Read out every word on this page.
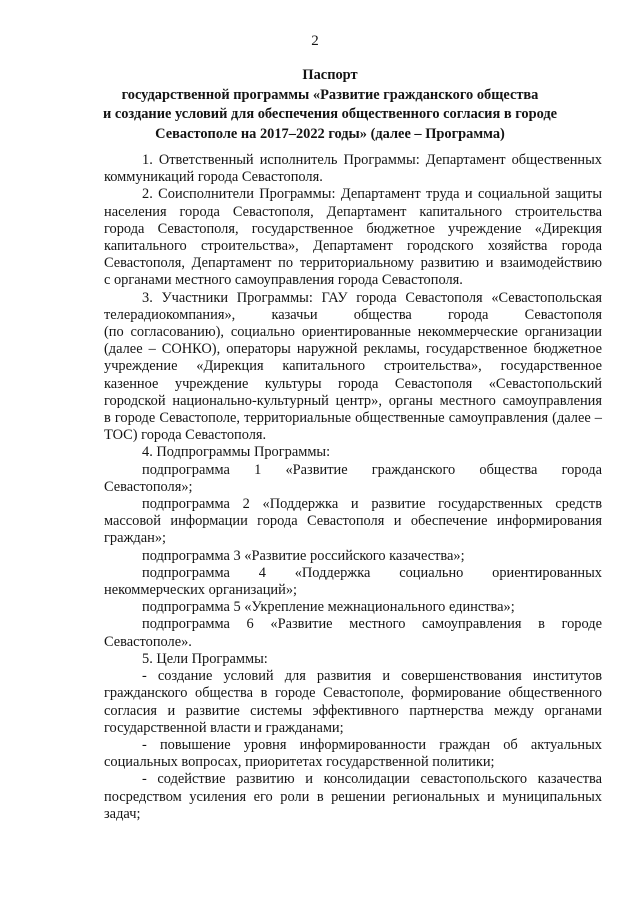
2
Паспорт
государственной программы «Развитие гражданского общества
и создание условий для обеспечения общественного согласия в городе
Севастополе на 2017–2022 годы» (далее – Программа)
1. Ответственный исполнитель Программы: Департамент общественных
коммуникаций города Севастополя.
2. Соисполнители Программы: Департамент труда и социальной защиты
населения города Севастополя, Департамент капитального строительства
города Севастополя, государственное бюджетное учреждение «Дирекция
капитального строительства», Департамент городского хозяйства города
Севастополя, Департамент по территориальному развитию и взаимодействию
с органами местного самоуправления города Севастополя.
3. Участники Программы: ГАУ города Севастополя «Севастопольская
телерадиокомпания», казачьи общества города Севастополя
(по согласованию), социально ориентированные некоммерческие организации
(далее – СОНКО), операторы наружной рекламы, государственное бюджетное
учреждение «Дирекция капитального строительства», государственное
казенное учреждение культуры города Севастополя «Севастопольский
городской национально-культурный центр», органы местного самоуправления
в городе Севастополе, территориальные общественные самоуправления (далее –
ТОС) города Севастополя.
4. Подпрограммы Программы:
подпрограмма 1 «Развитие гражданского общества города
Севастополя»;
подпрограмма 2 «Поддержка и развитие государственных средств
массовой информации города Севастополя и обеспечение информирования
граждан»;
подпрограмма 3 «Развитие российского казачества»;
подпрограмма 4 «Поддержка социально ориентированных
некоммерческих организаций»;
подпрограмма 5 «Укрепление межнационального единства»;
подпрограмма 6 «Развитие местного самоуправления в городе
Севастополе».
5. Цели Программы:
- создание условий для развития и совершенствования институтов
гражданского общества в городе Севастополе, формирование общественного
согласия и развитие системы эффективного партнерства между органами
государственной власти и гражданами;
- повышение уровня информированности граждан об актуальных
социальных вопросах, приоритетах государственной политики;
- содействие развитию и консолидации севастопольского казачества
посредством усиления его роли в решении региональных и муниципальных
задач;
